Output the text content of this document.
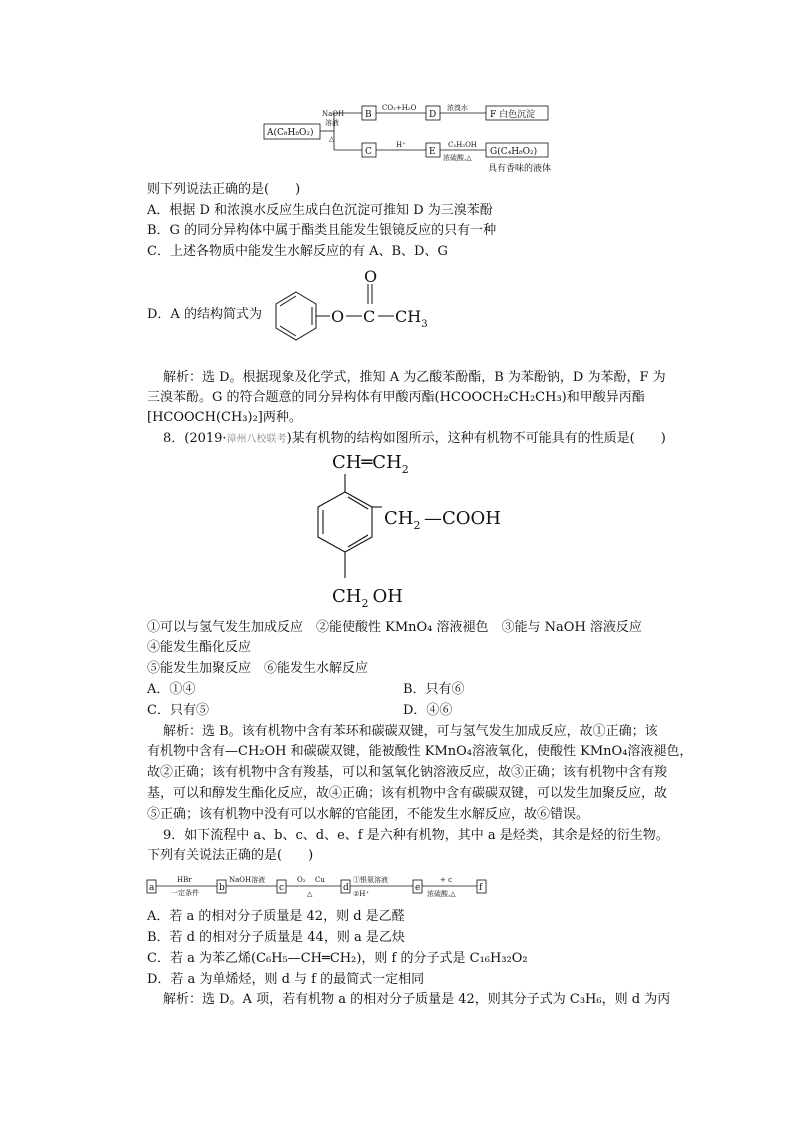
A(C₈H₈O₂)
NaOH
溶液
△
B
CO₂+H₂O
D
浓溴水
F 白色沉淀
C
H⁺
E
C₂H₅OH
浓硫酸,△
G(C₄H₈O₂)
具有香味的液体
则下列说法正确的是(　　)
A．根据 D 和浓溴水反应生成白色沉淀可推知 D 为三溴苯酚
B．G 的同分异构体中属于酯类且能发生银镜反应的只有一种
C．上述各物质中能发生水解反应的有 A、B、D、G
D．A 的结构简式为	O C
O
$CH_3$
解析：选 D。根据现象及化学式，推知 A 为乙酸苯酚酯，B 为苯酚钠，D 为苯酚，F 为
三溴苯酚。G 的符合题意的同分异构体有甲酸丙酯(HCOOCH₂CH₂CH₃)和甲酸异丙酯
[HCOOCH(CH₃)₂]两种。
8．(2019·漳州八校联考)某有机物的结构如图所示，这种有机物不可能具有的性质是(　　)
$CH═CH_2$
$CH_2$ —COOH
$CH_2$ OH
①可以与氢气发生加成反应　②能使酸性 KMnO₄ 溶液褪色　③能与 NaOH 溶液反应
④能发生酯化反应
⑤能发生加聚反应　⑥能发生水解反应
A．①④	B．只有⑥
C．只有⑤	D．④⑥
解析：选 B。该有机物中含有苯环和碳碳双键，可与氢气发生加成反应，故①正确；该
有机物中含有—CH₂OH 和碳碳双键，能被酸性 KMnO₄溶液氧化，使酸性 KMnO₄溶液褪色，
故②正确；该有机物中含有羧基，可以和氢氧化钠溶液反应，故③正确；该有机物中含有羧
基，可以和醇发生酯化反应，故④正确；该有机物中含有碳碳双键，可以发生加聚反应，故
⑤正确；该有机物中没有可以水解的官能团，不能发生水解反应，故⑥错误。
9．如下流程中 a、b、c、d、e、f 是六种有机物，其中 a 是烃类，其余是烃的衍生物。
下列有关说法正确的是(　　)
a
HBr
一定条件 b
NaOH溶液
c
O₂ Cu
△
d
①银氨溶液
②H⁺
e
+ c
浓硫酸,△
f
A．若 a 的相对分子质量是 42，则 d 是乙醛
B．若 d 的相对分子质量是 44，则 a 是乙炔
C．若 a 为苯乙烯(C₆H₅—CH═CH₂)，则 f 的分子式是 C₁₆H₃₂O₂
D．若 a 为单烯烃，则 d 与 f 的最简式一定相同
解析：选 D。A 项，若有机物 a 的相对分子质量是 42，则其分子式为 C₃H₆，则 d 为丙
